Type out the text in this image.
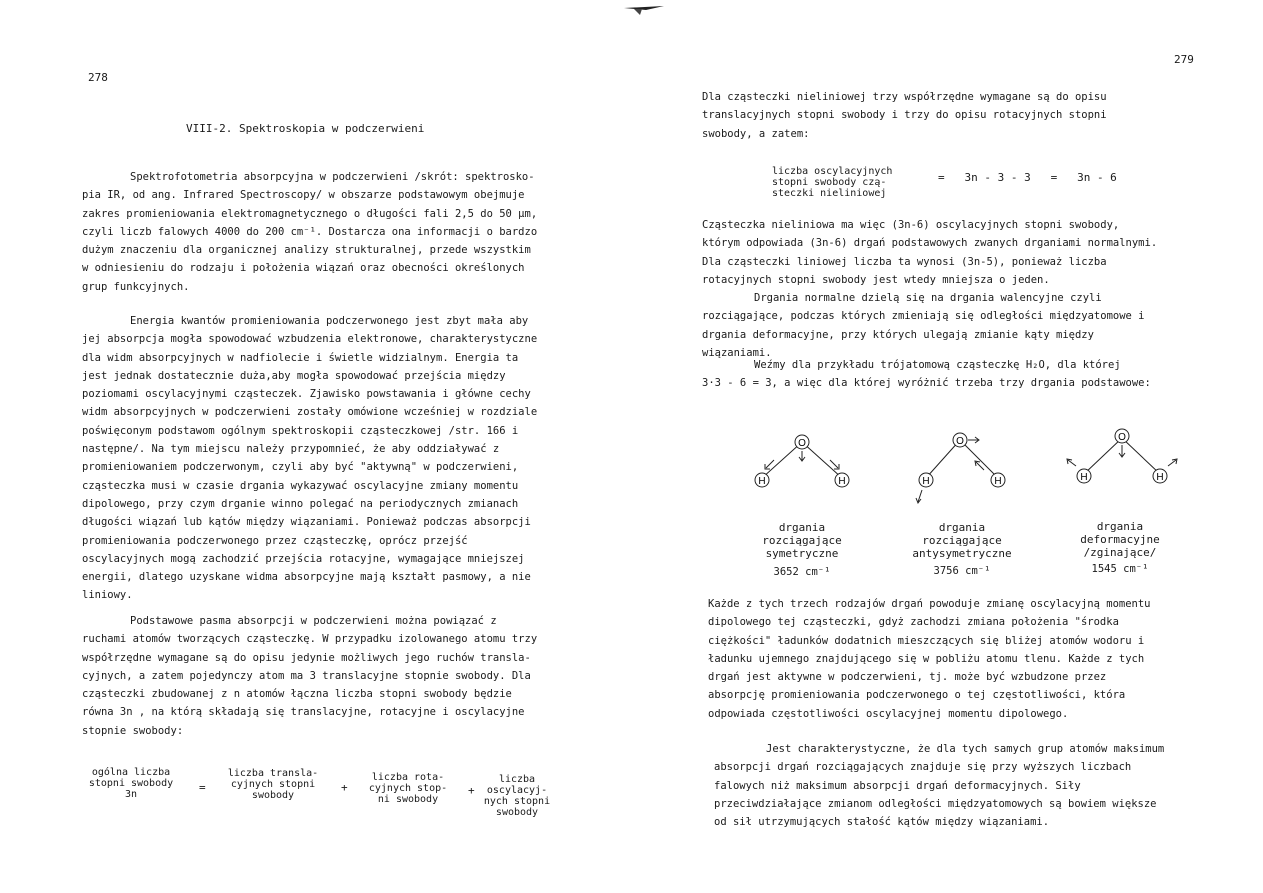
278
VIII-2. Spektroskopia w podczerwieni

Spektrofotometria absorpcyjna w podczerwieni /skrót: spektrosko-
pia IR, od ang. Infrared Spectroscopy/ w obszarze podstawowym obejmuje
zakres promieniowania elektromagnetycznego o długości fali 2,5 do 50 μm,
czyli liczb falowych 4000 do 200 cm⁻¹. Dostarcza ona informacji o bardzo
dużym znaczeniu dla organicznej analizy strukturalnej, przede wszystkim
w odniesieniu do rodzaju i położenia wiązań oraz obecności określonych
grup funkcyjnych.

Energia kwantów promieniowania podczerwonego jest zbyt mała aby
jej absorpcja mogła spowodować wzbudzenia elektronowe, charakterystyczne
dla widm absorpcyjnych w nadfiolecie i świetle widzialnym. Energia ta
jest jednak dostatecznie duża,aby mogła spowodować przejścia między
poziomami oscylacyjnymi cząsteczek. Zjawisko powstawania i główne cechy
widm absorpcyjnych w podczerwieni zostały omówione wcześniej w rozdziale
poświęconym podstawom ogólnym spektroskopii cząsteczkowej /str. 166 i
następne/. Na tym miejscu należy przypomnieć, że aby oddziaływać z
promieniowaniem podczerwonym, czyli aby być "aktywną" w podczerwieni,
cząsteczka musi w czasie drgania wykazywać oscylacyjne zmiany momentu
dipolowego, przy czym drganie winno polegać na periodycznych zmianach
długości wiązań lub kątów między wiązaniami. Ponieważ podczas absorpcji
promieniowania podczerwonego przez cząsteczkę, oprócz przejść
oscylacyjnych mogą zachodzić przejścia rotacyjne, wymagające mniejszej
energii, dlatego uzyskane widma absorpcyjne mają kształt pasmowy, a nie
liniowy.

Podstawowe pasma absorpcji w podczerwieni można powiązać z
ruchami atomów tworzących cząsteczkę. W przypadku izolowanego atomu trzy
współrzędne wymagane są do opisu jedynie możliwych jego ruchów transla-
cyjnych, a zatem pojedynczy atom ma 3 translacyjne stopnie swobody. Dla
cząsteczki zbudowanej z n atomów łączna liczba stopni swobody będzie
równa 3n , na którą składają się translacyjne, rotacyjne i oscylacyjne
stopnie swobody:

ogólna liczba
stopni swobody
3n
=
liczba transla-
cyjnych stopni
swobody
+
liczba rota-
cyjnych stop-
ni swobody
+
liczba
oscylacyj-
nych stopni
swobody
279

Dla cząsteczki nieliniowej trzy współrzędne wymagane są do opisu
translacyjnych stopni swobody i trzy do opisu rotacyjnych stopni
swobody, a zatem:

liczba oscylacyjnych
stopni swobody czą-
steczki nieliniowej
=   3n - 3 - 3   =   3n - 6

Cząsteczka nieliniowa ma więc (3n-6) oscylacyjnych stopni swobody,
którym odpowiada (3n-6) drgań podstawowych zwanych drganiami normalnymi.
Dla cząsteczki liniowej liczba ta wynosi (3n-5), ponieważ liczba
rotacyjnych stopni swobody jest wtedy mniejsza o jeden.

Drgania normalne dzielą się na drgania walencyjne czyli
rozciągające, podczas których zmieniają się odległości międzyatomowe i
drgania deformacyjne, przy których ulegają zmianie kąty między
wiązaniami.

Weźmy dla przykładu trójatomową cząsteczkę H₂O, dla której
3·3 - 6 = 3, a więc dla której wyróżnić trzeba trzy drgania podstawowe:

O
H	H
O
H	H
O
H	H
drgania
rozciągające
symetryczne
3652 cm⁻¹
drgania
rozciągające
antysymetryczne
3756 cm⁻¹
drgania
deformacyjne
/zginające/
1545 cm⁻¹

Każde z tych trzech rodzajów drgań powoduje zmianę oscylacyjną momentu
dipolowego tej cząsteczki, gdyż zachodzi zmiana położenia "środka
ciężkości" ładunków dodatnich mieszczących się bliżej atomów wodoru i
ładunku ujemnego znajdującego się w pobliżu atomu tlenu. Każde z tych
drgań jest aktywne w podczerwieni, tj. może być wzbudzone przez
absorpcję promieniowania podczerwonego o tej częstotliwości, która
odpowiada częstotliwości oscylacyjnej momentu dipolowego.

Jest charakterystyczne, że dla tych samych grup atomów maksimum
absorpcji drgań rozciągających znajduje się przy wyższych liczbach
falowych niż maksimum absorpcji drgań deformacyjnych. Siły
przeciwdziałające zmianom odległości międzyatomowych są bowiem większe
od sił utrzymujących stałość kątów między wiązaniami.
